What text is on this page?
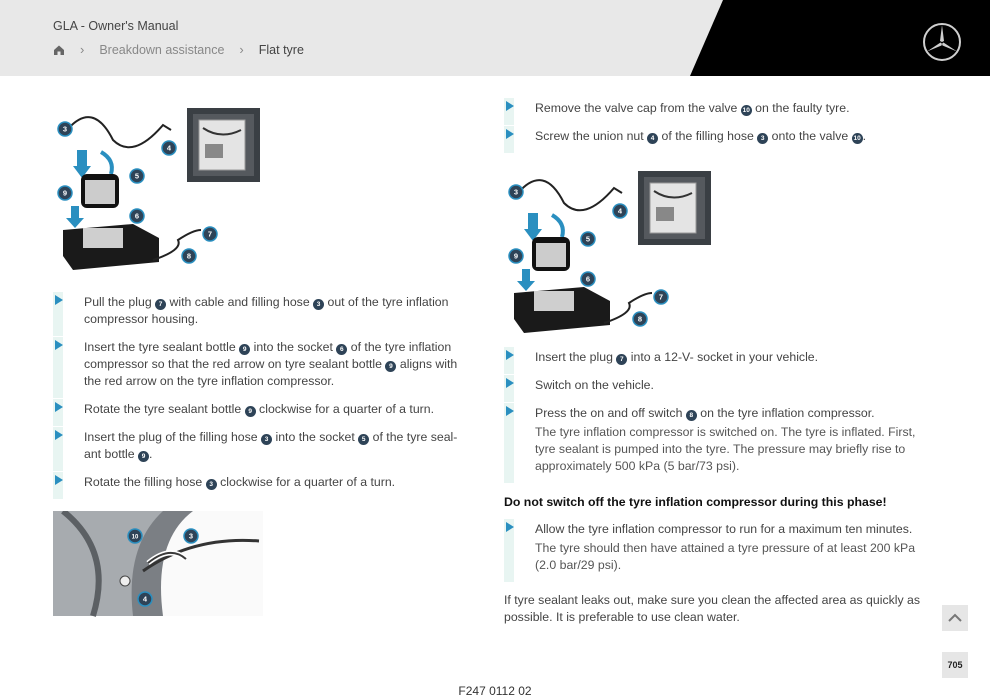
GLA - Owner's Manual
› Breakdown assistance › Flat tyre
3
4
5
9
6
7
8

Pull the plug 7 with cable and filling hose 3 out of the tyre inflation compressor housing.

Insert the tyre sealant bottle 9 into the socket 6 of the tyre inflation compressor so that the red arrow on tyre sealant bottle 9 aligns with the red arrow on the tyre inflation compressor.

Rotate the tyre sealant bottle 9 clockwise for a quarter of a turn.

Insert the plug of the filling hose 3 into the socket 5 of the tyre seal-ant bottle 9 .

Rotate the filling hose 3 clockwise for a quarter of a turn.

10	3
4

Remove the valve cap from the valve 10 on the faulty tyre.

Screw the union nut 4 of the filling hose 3 onto the valve 10 .

3
4
5
9
6
7
8

Insert the plug 7 into a 12-V- socket in your vehicle.

Switch on the vehicle.

Press the on and off switch 8 on the tyre inflation compressor.

The tyre inflation compressor is switched on. The tyre is inflated. First, tyre sealant is pumped into the tyre. The pressure may briefly rise to approximately 500 kPa (5 bar/73 psi).

Do not switch off the tyre inflation compressor during this phase!

Allow the tyre inflation compressor to run for a maximum ten minutes.

The tyre should then have attained a tyre pressure of at least 200 kPa (2.0 bar/29 psi).

If tyre sealant leaks out, make sure you clean the affected area as quickly as possible. It is preferable to use clean water.
F247 0112 02
705
